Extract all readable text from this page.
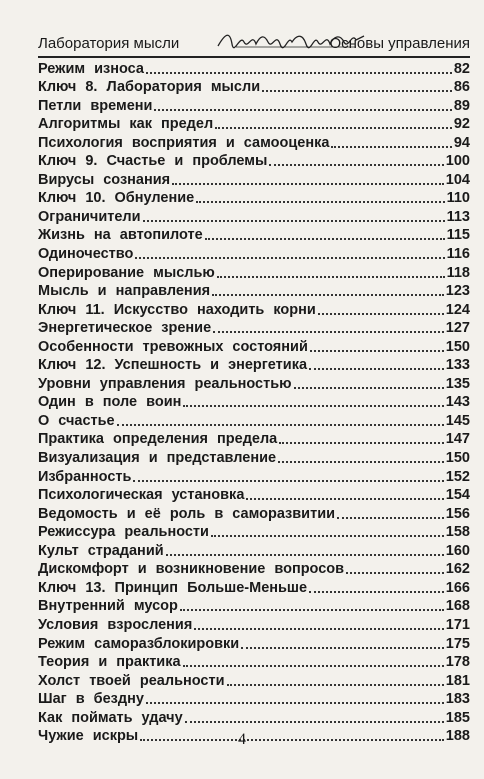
Лаборатория мысли	Основы управления
Режим износа	82
Ключ 8. Лаборатория мысли	86
Петли времени	89
Алгоритмы как предел	92
Психология восприятия и самооценка	94
Ключ 9. Счастье и проблемы	100
Вирусы сознания	104
Ключ 10. Обнуление	110
Ограничители	113
Жизнь на автопилоте	115
Одиночество	116
Оперирование мыслью	118
Мысль и направления	123
Ключ 11. Искусство находить корни	124
Энергетическое зрение	127
Особенности тревожных состояний	150
Ключ 12. Успешность и энергетика	133
Уровни управления реальностью	135
Один в поле воин	143
О счастье	145
Практика определения предела	147
Визуализация и представление	150
Избранность	152
Психологическая установка	154
Ведомость и её роль в саморазвитии	156
Режиссура реальности	158
Культ страданий	160
Дискомфорт и возникновение вопросов	162
Ключ 13. Принцип Больше-Меньше	166
Внутренний мусор	168
Условия взросления	171
Режим саморазблокировки	175
Теория и практика	178
Холст твоей реальности	181
Шаг в бездну	183
Как поймать удачу	185
Чужие искры	188
4
